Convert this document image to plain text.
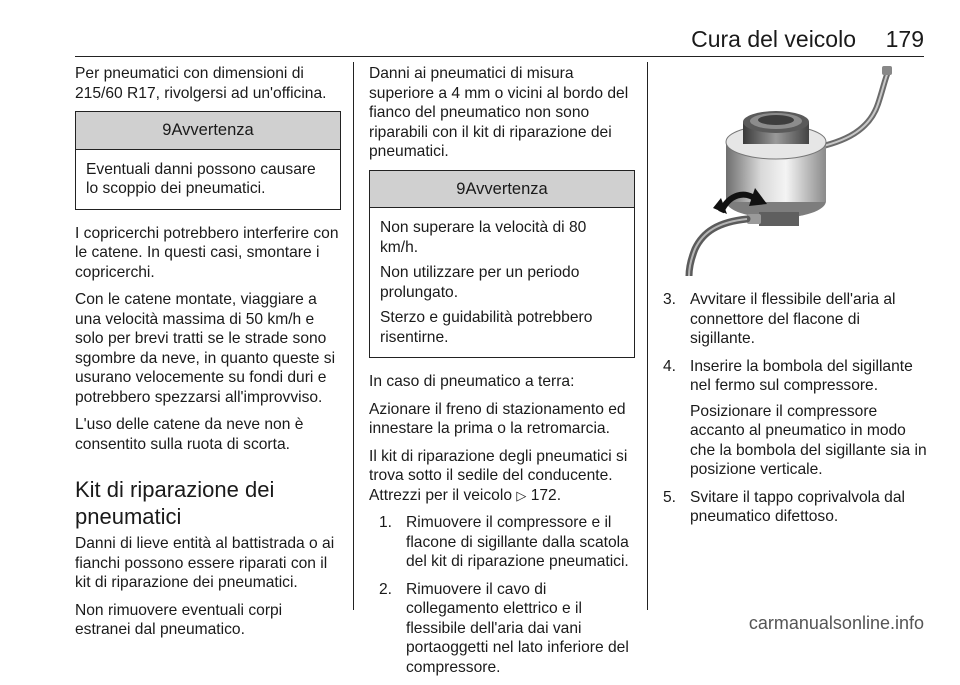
Cura del veicolo 179

Per pneumatici con dimensioni di 215/60 R17, rivolgersi ad un'officina.

9Avvertenza

Eventuali danni possono causare lo scoppio dei pneumatici.

I copricerchi potrebbero interferire con le catene. In questi casi, smontare i copricerchi.

Con le catene montate, viaggiare a una velocità massima di 50 km/h e solo per brevi tratti se le strade sono sgombre da neve, in quanto queste si usurano velocemente su fondi duri e potrebbero spezzarsi all'improvviso.

L'uso delle catene da neve non è consentito sulla ruota di scorta.

Kit di riparazione dei pneumatici

Danni di lieve entità al battistrada o ai fianchi possono essere riparati con il kit di riparazione dei pneumatici.

Non rimuovere eventuali corpi estranei dal pneumatico.

Danni ai pneumatici di misura superiore a 4 mm o vicini al bordo del fianco del pneumatico non sono riparabili con il kit di riparazione dei pneumatici.

9Avvertenza

Non superare la velocità di 80 km/h.

Non utilizzare per un periodo prolungato.

Sterzo e guidabilità potrebbero risentirne.

In caso di pneumatico a terra:

Azionare il freno di stazionamento ed innestare la prima o la retromarcia.

Il kit di riparazione degli pneumatici si trova sotto il sedile del conducente. Attrezzi per il veicolo ▷ 172.

1. Rimuovere il compressore e il flacone di sigillante dalla scatola del kit di riparazione pneumatici.
2. Rimuovere il cavo di collegamento elettrico e il flessibile dell'aria dai vani portaoggetti nel lato inferiore del compressore.
3. Avvitare il flessibile dell'aria al connettore del flacone di sigillante.
4. Inserire la bombola del sigillante nel fermo sul compressore.

Posizionare il compressore accanto al pneumatico in modo che la bombola del sigillante sia in posizione verticale.

5. Svitare il tappo coprivalvola dal pneumatico difettoso.
carmanualsonline.info
